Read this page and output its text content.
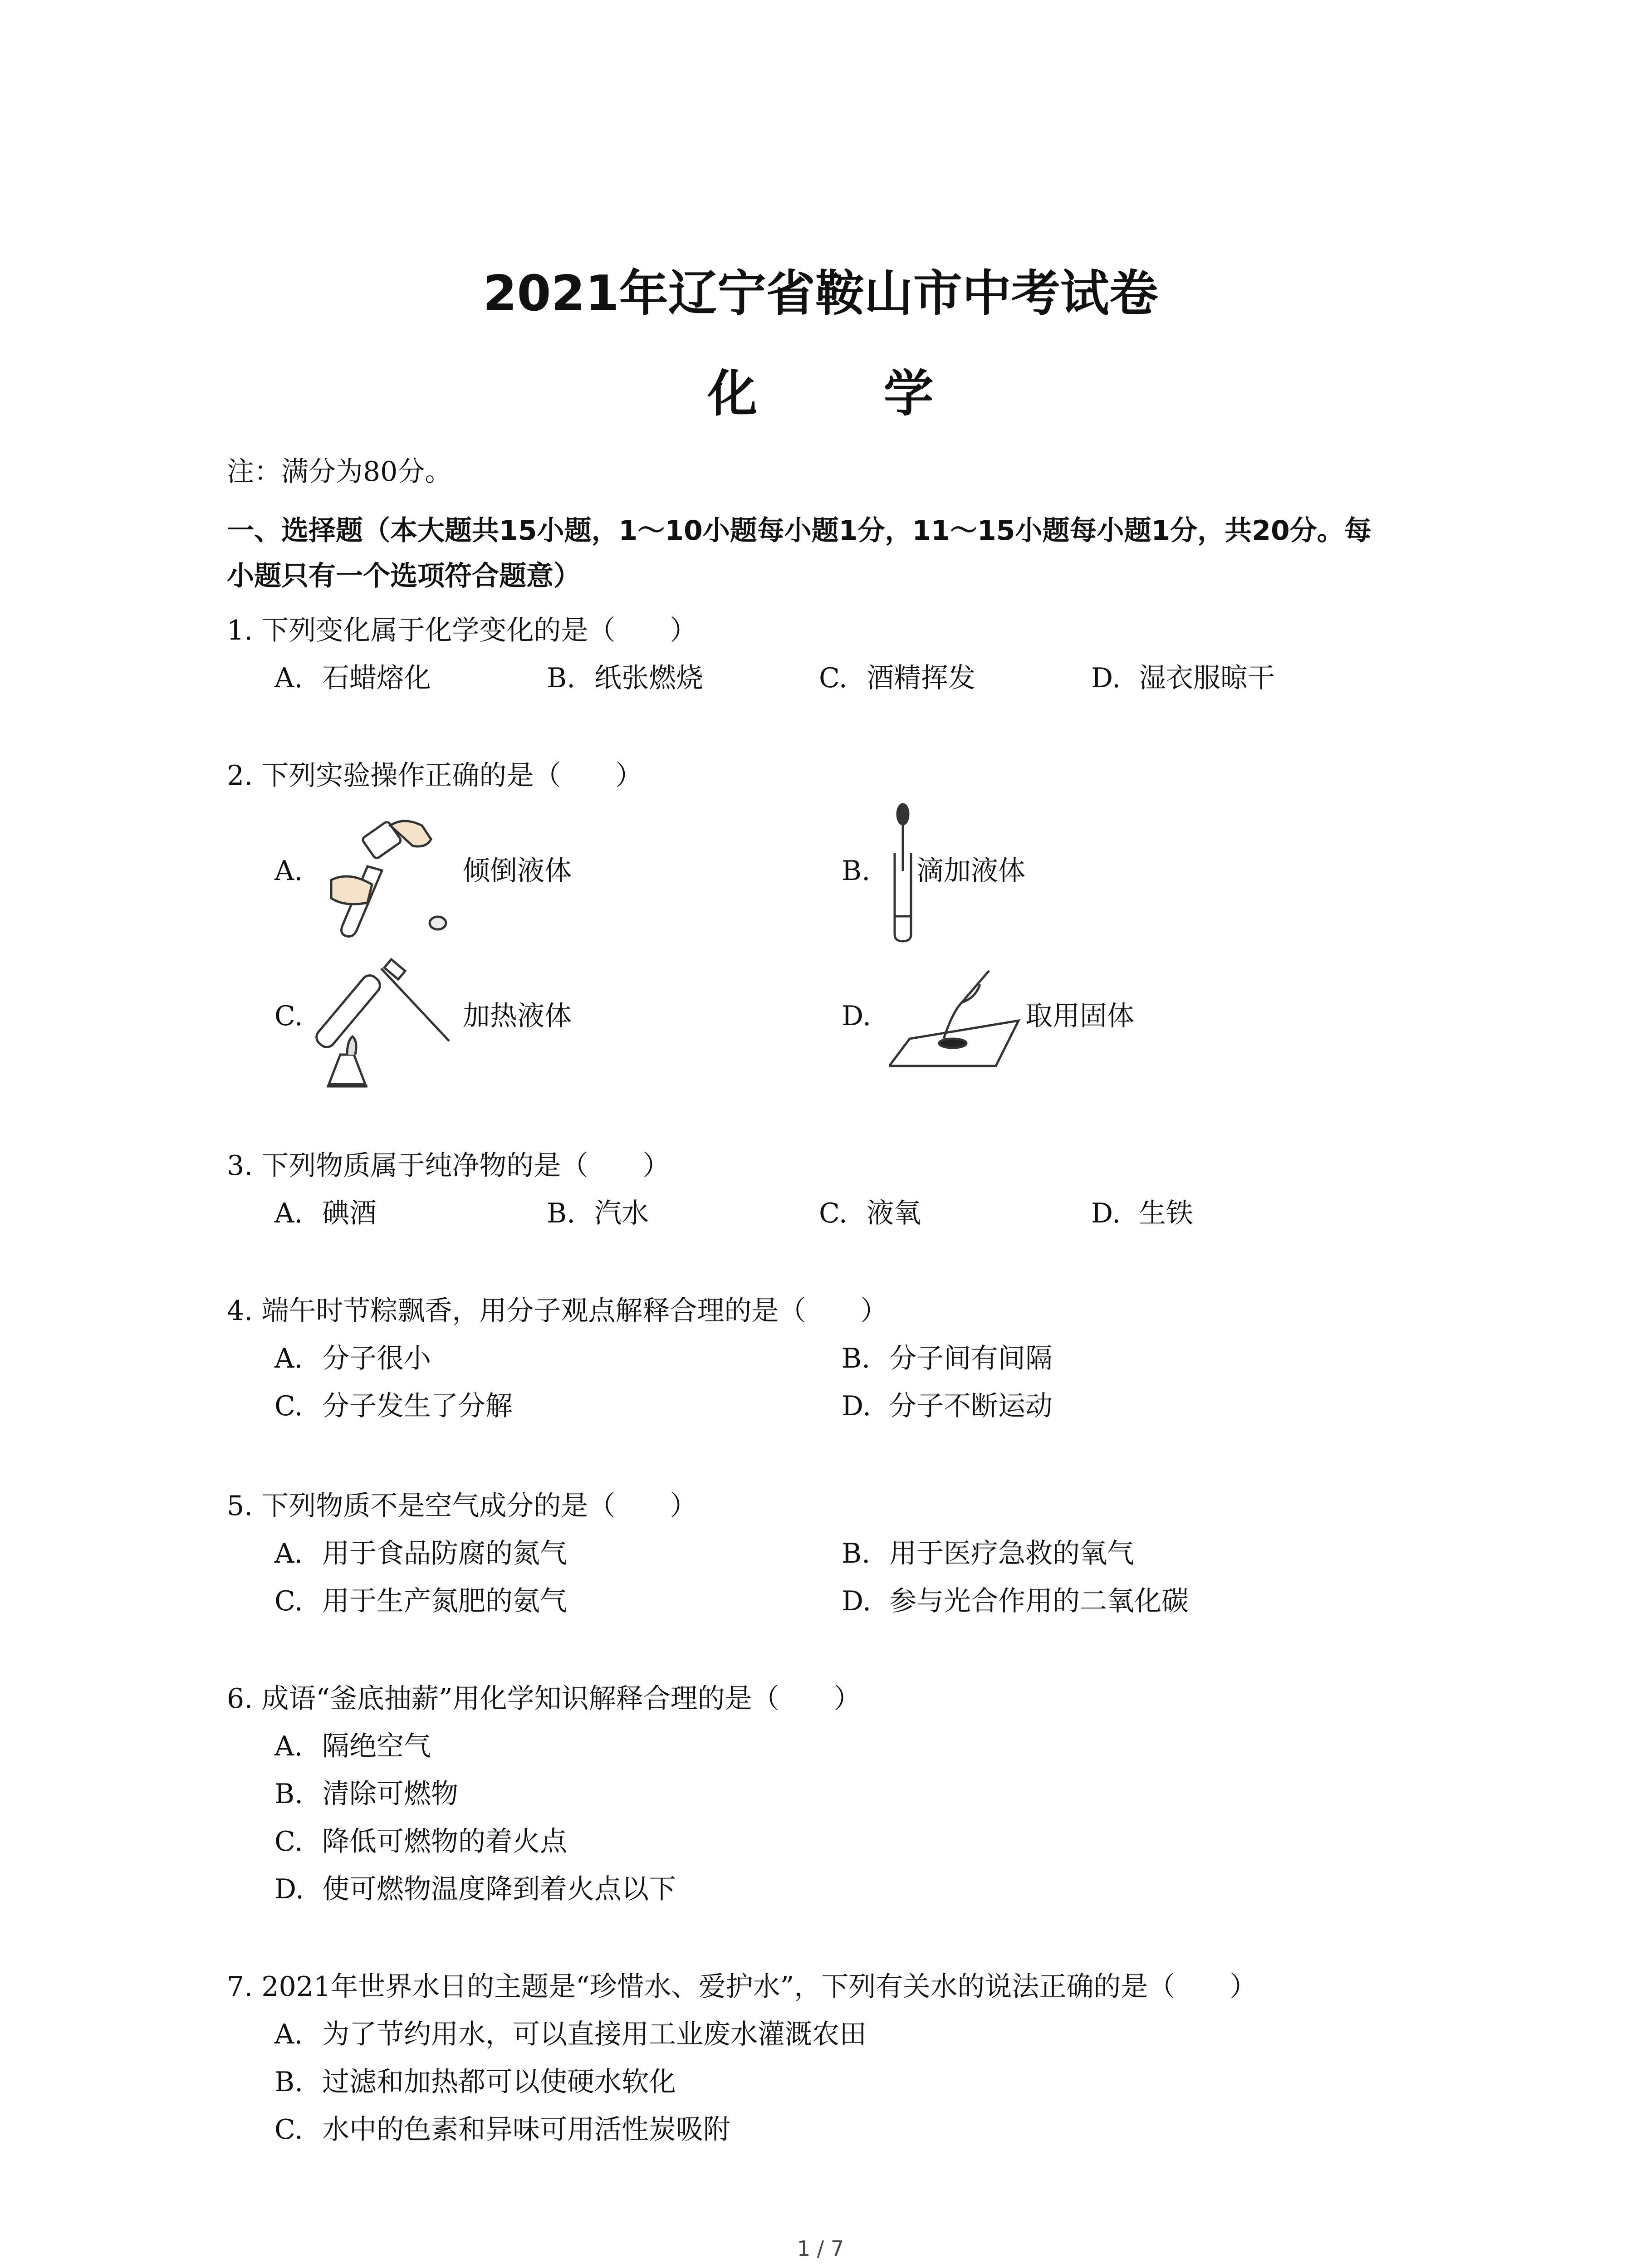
2021年辽宁省鞍山市中考试卷
化 学
注：满分为80分。
一、选择题（本大题共15小题，1～10小题每小题1分，11～15小题每小题1分，共20分。每
小题只有一个选项符合题意）
1. 下列变化属于化学变化的是（　　）
A. 石蜡熔化	B. 纸张燃烧	C. 酒精挥发	D. 湿衣服晾干
2. 下列实验操作正确的是（　　）
A.	倾倒液体	B. 滴加液体
C.	加热液体	D.	取用固体
3. 下列物质属于纯净物的是（　　）
A. 碘酒	B. 汽水	C. 液氧	D. 生铁
4. 端午时节粽飘香，用分子观点解释合理的是（　　）
A. 分子很小	B. 分子间有间隔
C. 分子发生了分解	D. 分子不断运动
5. 下列物质不是空气成分的是（　　）
A. 用于食品防腐的氮气	B. 用于医疗急救的氧气
C. 用于生产氮肥的氨气	D. 参与光合作用的二氧化碳
6. 成语“釜底抽薪”用化学知识解释合理的是（　　）
A. 隔绝空气
B. 清除可燃物
C. 降低可燃物的着火点
D. 使可燃物温度降到着火点以下
7. 2021年世界水日的主题是“珍惜水、爱护水”，下列有关水的说法正确的是（　　）
A. 为了节约用水，可以直接用工业废水灌溉农田
B. 过滤和加热都可以使硬水软化
C. 水中的色素和异味可用活性炭吸附
1 / 7
